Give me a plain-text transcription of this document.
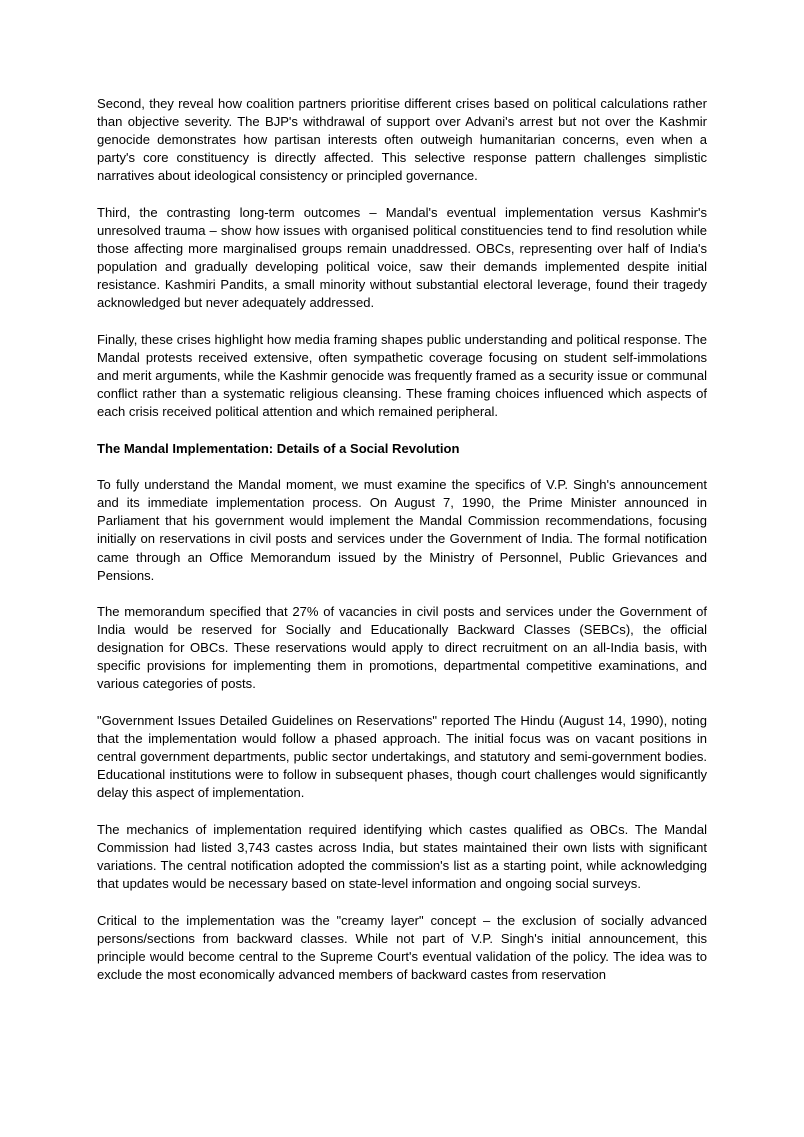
Second, they reveal how coalition partners prioritise different crises based on political calculations rather than objective severity. The BJP's withdrawal of support over Advani's arrest but not over the Kashmir genocide demonstrates how partisan interests often outweigh humanitarian concerns, even when a party's core constituency is directly affected. This selective response pattern challenges simplistic narratives about ideological consistency or principled governance.

Third, the contrasting long-term outcomes – Mandal's eventual implementation versus Kashmir's unresolved trauma – show how issues with organised political constituencies tend to find resolution while those affecting more marginalised groups remain unaddressed. OBCs, representing over half of India's population and gradually developing political voice, saw their demands implemented despite initial resistance. Kashmiri Pandits, a small minority without substantial electoral leverage, found their tragedy acknowledged but never adequately addressed.

Finally, these crises highlight how media framing shapes public understanding and political response. The Mandal protests received extensive, often sympathetic coverage focusing on student self-immolations and merit arguments, while the Kashmir genocide was frequently framed as a security issue or communal conflict rather than a systematic religious cleansing. These framing choices influenced which aspects of each crisis received political attention and which remained peripheral.

The Mandal Implementation: Details of a Social Revolution

To fully understand the Mandal moment, we must examine the specifics of V.P. Singh's announcement and its immediate implementation process. On August 7, 1990, the Prime Minister announced in Parliament that his government would implement the Mandal Commission recommendations, focusing initially on reservations in civil posts and services under the Government of India. The formal notification came through an Office Memorandum issued by the Ministry of Personnel, Public Grievances and Pensions.

The memorandum specified that 27% of vacancies in civil posts and services under the Government of India would be reserved for Socially and Educationally Backward Classes (SEBCs), the official designation for OBCs. These reservations would apply to direct recruitment on an all-India basis, with specific provisions for implementing them in promotions, departmental competitive examinations, and various categories of posts.

"Government Issues Detailed Guidelines on Reservations" reported The Hindu (August 14, 1990), noting that the implementation would follow a phased approach. The initial focus was on vacant positions in central government departments, public sector undertakings, and statutory and semi-government bodies. Educational institutions were to follow in subsequent phases, though court challenges would significantly delay this aspect of implementation.

The mechanics of implementation required identifying which castes qualified as OBCs. The Mandal Commission had listed 3,743 castes across India, but states maintained their own lists with significant variations. The central notification adopted the commission's list as a starting point, while acknowledging that updates would be necessary based on state-level information and ongoing social surveys.

Critical to the implementation was the "creamy layer" concept – the exclusion of socially advanced persons/sections from backward classes. While not part of V.P. Singh's initial announcement, this principle would become central to the Supreme Court's eventual validation of the policy. The idea was to exclude the most economically advanced members of backward castes from reservation
